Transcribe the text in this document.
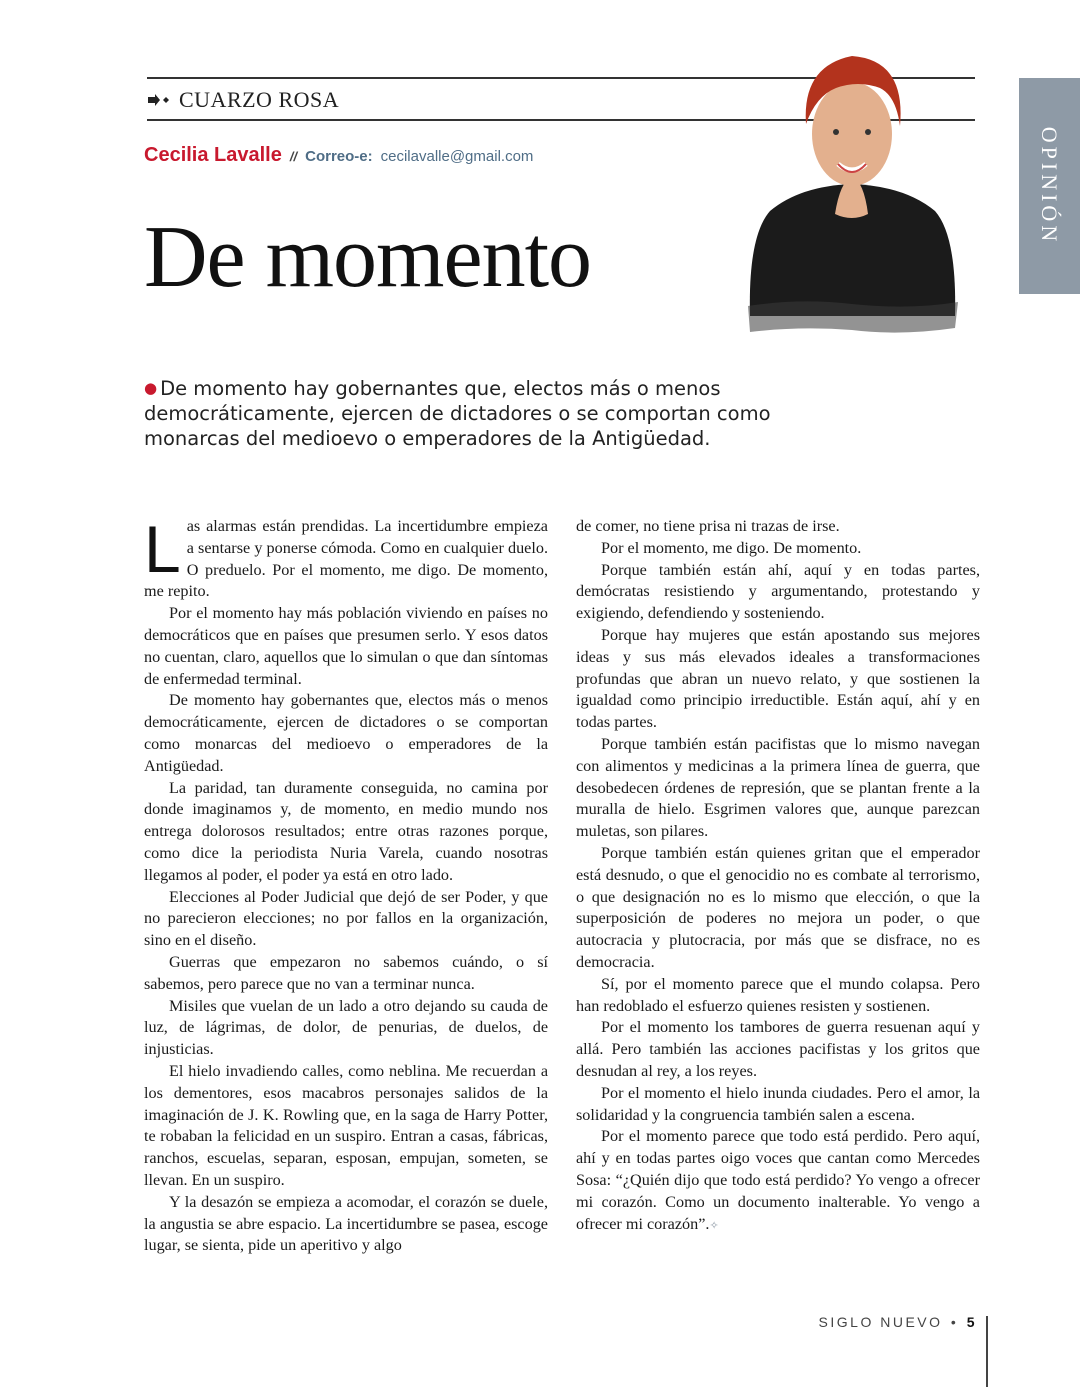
CUARZO ROSA
Cecilia Lavalle // Correo-e: cecilavalle@gmail.com
De momento
OPINIÓN

● De momento hay gobernantes que, electos más o menos democráticamente, ejercen de dictadores o se comportan como monarcas del medioevo o emperadores de la Antigüedad.

Las alarmas están prendidas. La incertidumbre empieza a sentarse y ponerse cómoda. Como en cualquier duelo. O preduelo. Por el momento, me digo. De momento, me repito.

Por el momento hay más población viviendo en países no democráticos que en países que presumen serlo. Y esos datos no cuentan, claro, aquellos que lo simulan o que dan síntomas de enfermedad terminal.

De momento hay gobernantes que, electos más o menos democráticamente, ejercen de dictadores o se comportan como monarcas del medioevo o emperadores de la Antigüedad.

La paridad, tan duramente conseguida, no camina por donde imaginamos y, de momento, en medio mundo nos entrega dolorosos resultados; entre otras razones porque, como dice la periodista Nuria Varela, cuando nosotras llegamos al poder, el poder ya está en otro lado.

Elecciones al Poder Judicial que dejó de ser Poder, y que no parecieron elecciones; no por fallos en la organización, sino en el diseño.

Guerras que empezaron no sabemos cuándo, o sí sabemos, pero parece que no van a terminar nunca.

Misiles que vuelan de un lado a otro dejando su cauda de luz, de lágrimas, de dolor, de penurias, de duelos, de injusticias.

El hielo invadiendo calles, como neblina. Me recuerdan a los dementores, esos macabros personajes salidos de la imaginación de J. K. Rowling que, en la saga de Harry Potter, te robaban la felicidad en un suspiro. Entran a casas, fábricas, ranchos, escuelas, separan, esposan, empujan, someten, se llevan. En un suspiro.

Y la desazón se empieza a acomodar, el corazón se duele, la angustia se abre espacio. La incertidumbre se pasea, escoge lugar, se sienta, pide un aperitivo y algo

de comer, no tiene prisa ni trazas de irse.

Por el momento, me digo. De momento.

Porque también están ahí, aquí y en todas partes, demócratas resistiendo y argumentando, protestando y exigiendo, defendiendo y sosteniendo.

Porque hay mujeres que están apostando sus mejores ideas y sus más elevados ideales a transformaciones profundas que abran un nuevo relato, y que sostienen la igualdad como principio irreductible. Están aquí, ahí y en todas partes.

Porque también están pacifistas que lo mismo navegan con alimentos y medicinas a la primera línea de guerra, que desobedecen órdenes de represión, que se plantan frente a la muralla de hielo. Esgrimen valores que, aunque parezcan muletas, son pilares.

Porque también están quienes gritan que el emperador está desnudo, o que el genocidio no es combate al terrorismo, o que designación no es lo mismo que elección, o que la superposición de poderes no mejora un poder, o que autocracia y plutocracia, por más que se disfrace, no es democracia.

Sí, por el momento parece que el mundo colapsa. Pero han redoblado el esfuerzo quienes resisten y sostienen.

Por el momento los tambores de guerra resuenan aquí y allá. Pero también las acciones pacifistas y los gritos que desnudan al rey, a los reyes.

Por el momento el hielo inunda ciudades. Pero el amor, la solidaridad y la congruencia también salen a escena.

Por el momento parece que todo está perdido. Pero aquí, ahí y en todas partes oigo voces que cantan como Mercedes Sosa: “¿Quién dijo que todo está perdido? Yo vengo a ofrecer mi corazón. Como un documento inalterable. Yo vengo a ofrecer mi corazón”.✧

SIGLO NUEVO • 5
